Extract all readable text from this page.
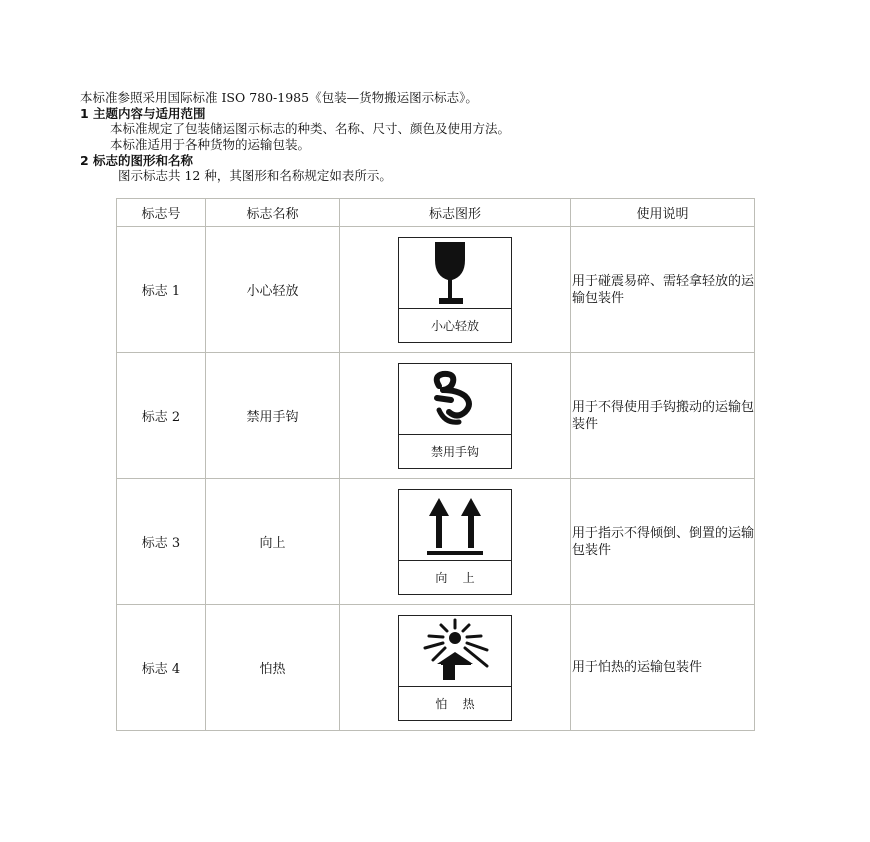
本标准参照采用国际标准 ISO 780-1985《包装—货物搬运图示标志》。
1 主题内容与适用范围
本标准规定了包装储运图示标志的种类、名称、尺寸、颜色及使用方法。
本标准适用于各种货物的运输包装。
2 标志的图形和名称
图示标志共 12 种，其图形和名称规定如表所示。
标志号	标志名称	标志图形	使用说明
标志 1	小心轻放	小心轻放	用于碰震易碎、需轻拿轻放的运输包装件
标志 2	禁用手钩	禁用手钩	用于不得使用手钩搬动的运输包装件
标志 3	向上	向    上	用于指示不得倾倒、倒置的运输包装件
标志 4	怕热	怕    热	用于怕热的运输包装件
